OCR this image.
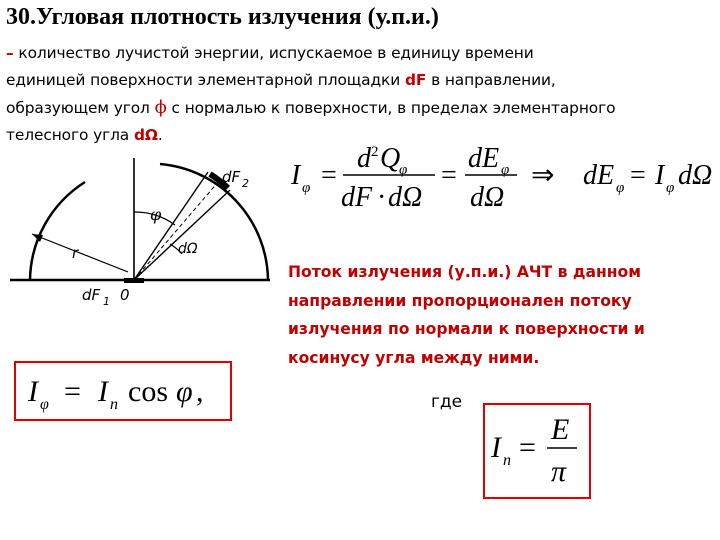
30.Угловая плотность излучения (у.п.и.)
– количество лучистой энергии, испускаемое в единицу времени
единицей поверхности элементарной площадки dF в направлении,
образующем угол ϕ с нормалью к поверхности, в пределах элементарного
телесного угла dΩ.
dF 2
φ
dΩ
r
dF 1 0
I φ =
d 2 Q
φ
dF · dΩ
=
dE φ
dΩ
⇒ dE φ = I φ dΩ
Поток излучения (у.п.и.) АЧТ в данном направлении пропорционален потоку излучения по нормали к поверхности и косинусу угла между ними.
I φ = I n cos φ ,	где
I n =
E
π
